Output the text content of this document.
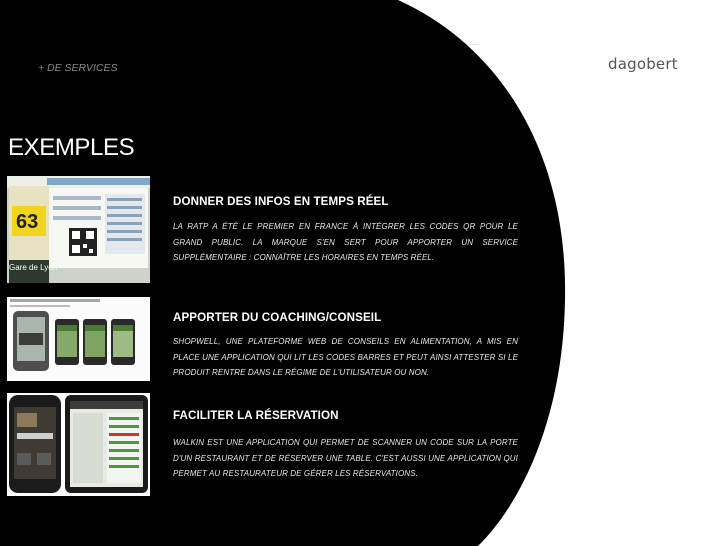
dagobert
+ DE SERVICES
EXEMPLES
63
Gare de Lyon
DONNER DES INFOS EN TEMPS RÉEL
LA RATP A ÉTÉ LE PREMIER EN FRANCE À INTÉGRER LES CODES QR POUR LE GRAND PUBLIC. LA MARQUE S'EN SERT POUR APPORTER UN SERVICE SUPPLÉMENTAIRE : CONNAÎTRE LES HORAIRES EN TEMPS RÉEL.
APPORTER DU COACHING/CONSEIL
SHOPWELL, UNE PLATEFORME WEB DE CONSEILS EN ALIMENTATION, A MIS EN PLACE UNE APPLICATION QUI LIT LES CODES BARRES ET PEUT AINSI ATTESTER SI LE PRODUIT RENTRE DANS LE RÉGIME DE L'UTILISATEUR OU NON.
FACILITER LA RÉSERVATION
WALKIN EST UNE APPLICATION QUI PERMET DE SCANNER UN CODE SUR LA PORTE D'UN RESTAURANT ET DE RÉSERVER UNE TABLE. C'EST AUSSI UNE APPLICATION QUI PERMET AU RESTAURATEUR DE GÉRER LES RÉSERVATIONS.
